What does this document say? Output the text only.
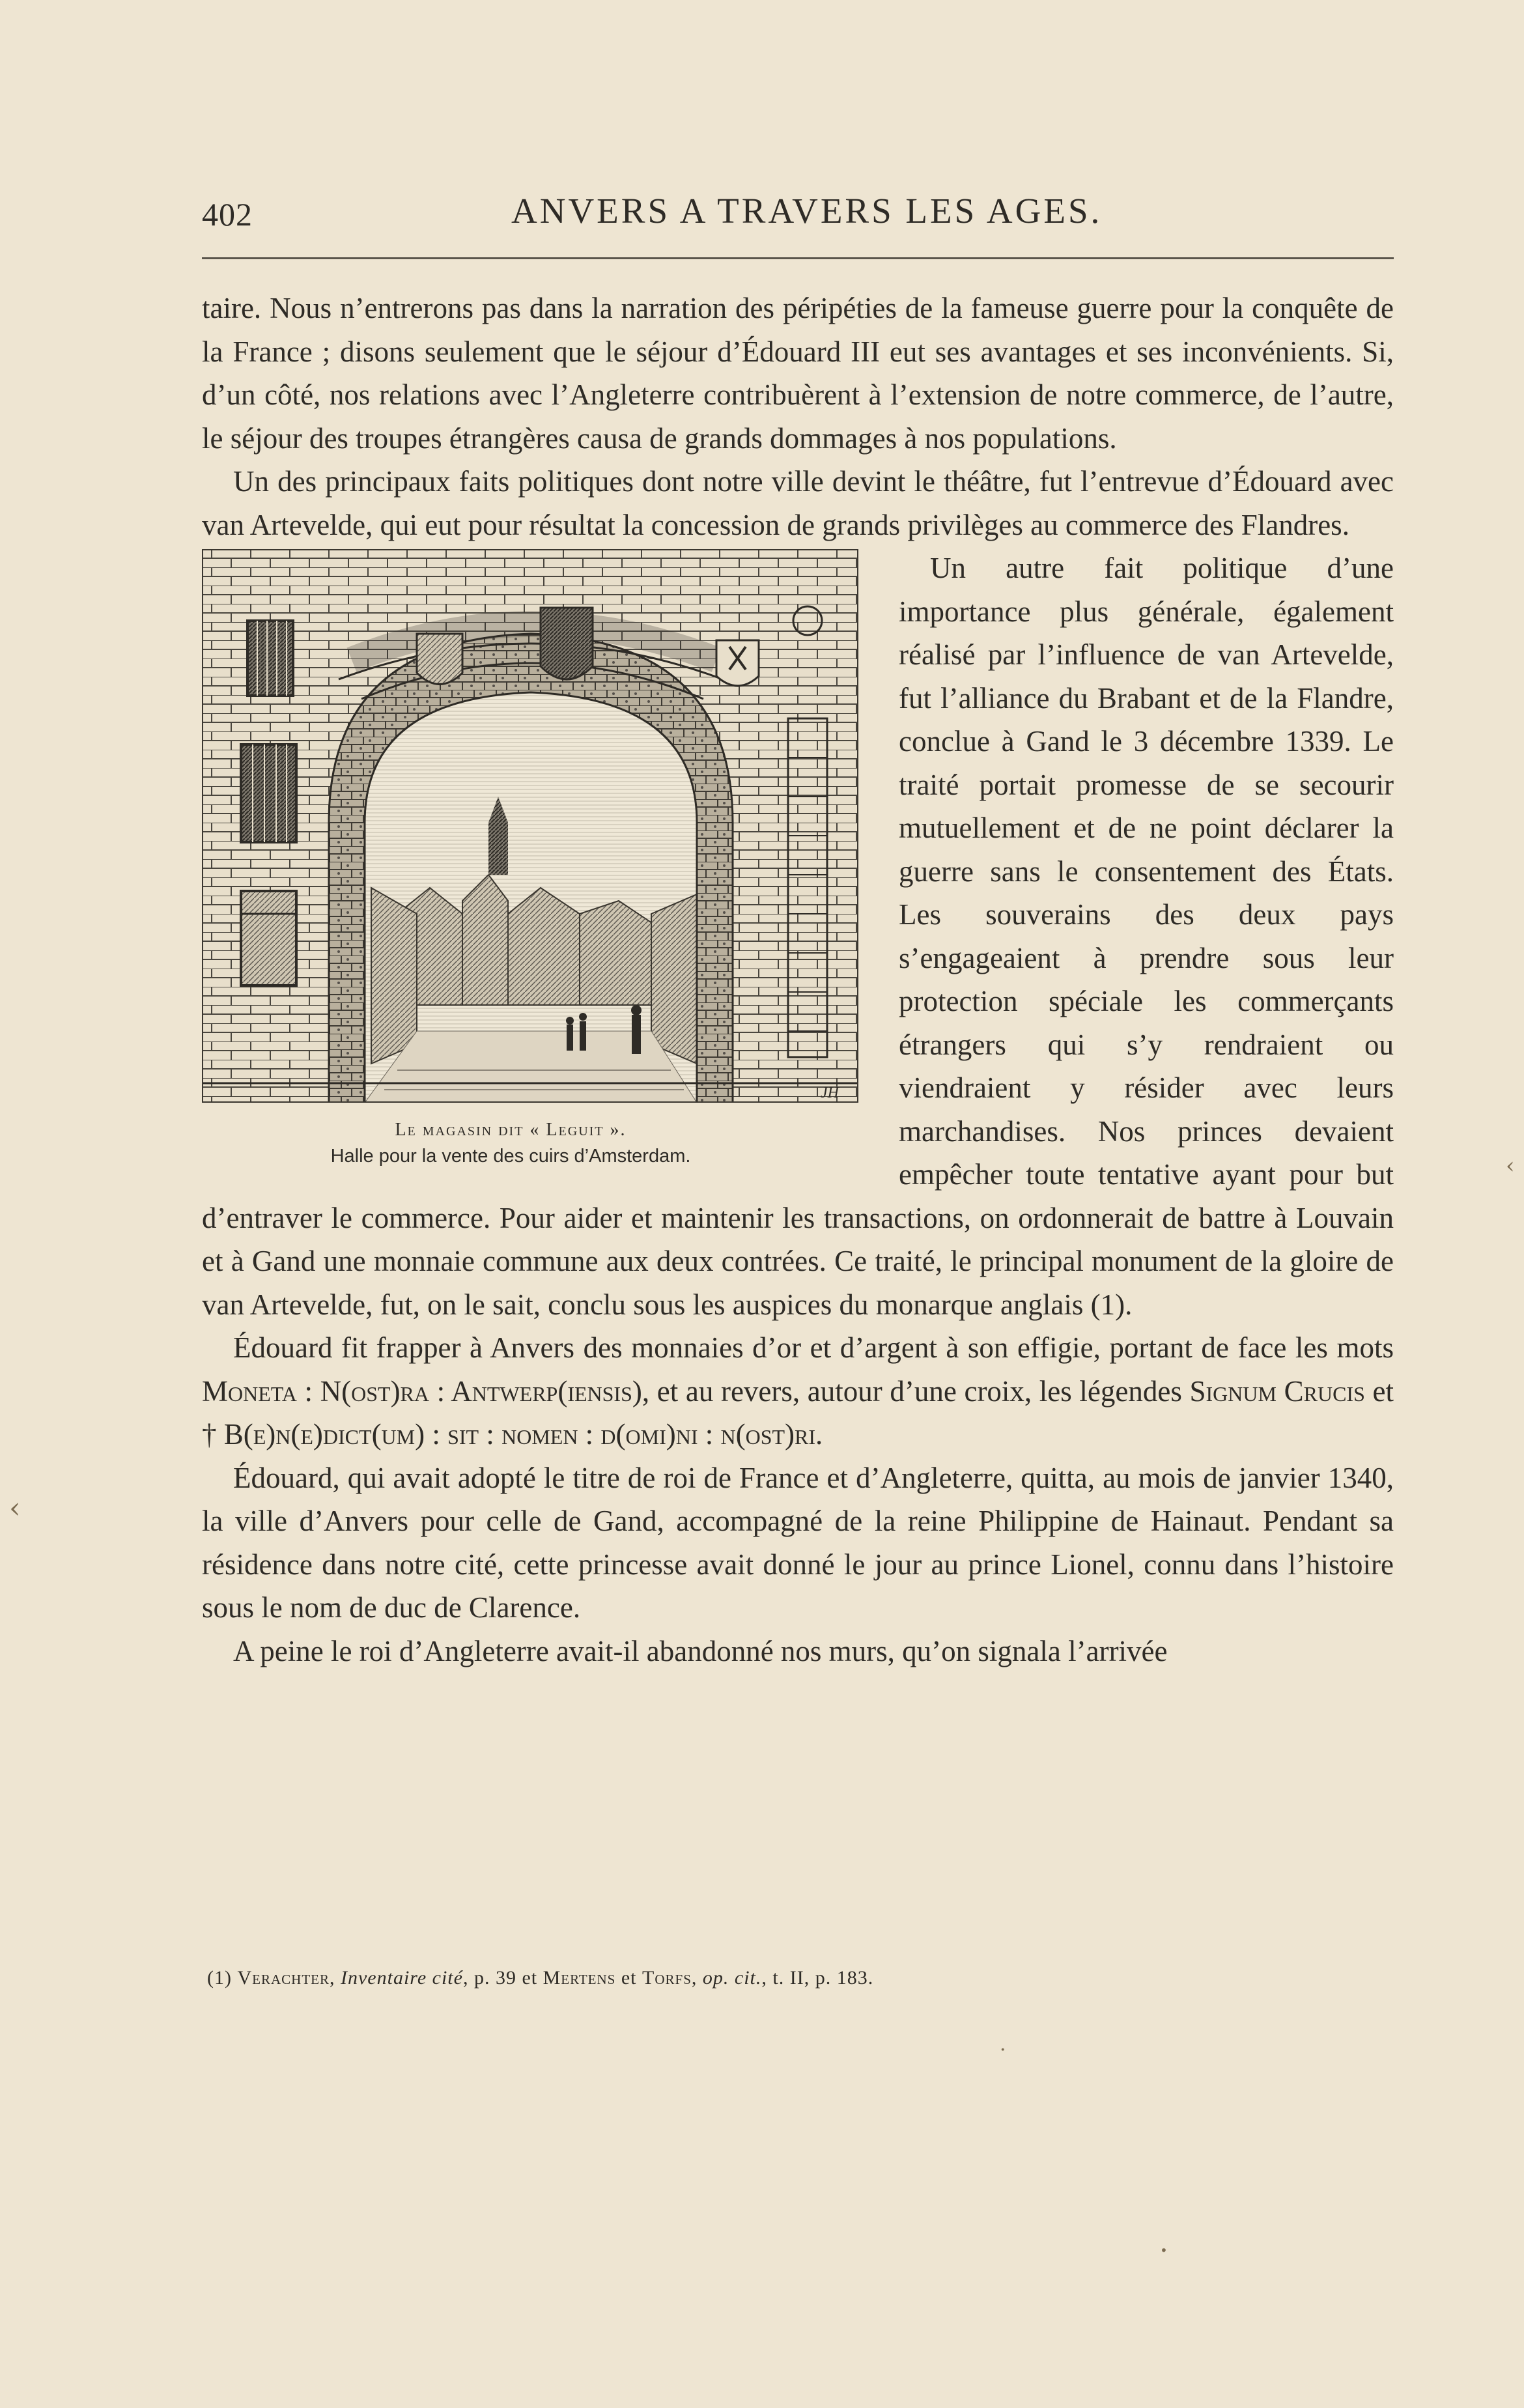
402	ANVERS A TRAVERS LES AGES.

taire. Nous n’entrerons pas dans la narration des péripéties de la fameuse guerre pour la conquête de la France ; disons seulement que le séjour d’Édouard III eut ses avantages et ses inconvénients. Si, d’un côté, nos relations avec l’Angleterre contribuèrent à l’extension de notre commerce, de l’autre, le séjour des troupes étrangères causa de grands dommages à nos populations.

Un des principaux faits politiques dont notre ville devint le théâtre, fut l’entrevue d’Édouard avec van Artevelde, qui eut pour résultat la concession de grands privilèges au commerce des Flandres.

JH
Le magasin dit « Leguit ».
Halle pour la vente des cuirs d’Amsterdam.

Un autre fait politique d’une importance plus générale, également réalisé par l’influence de van Artevelde, fut l’alliance du Brabant et de la Flandre, conclue à Gand le 3 décembre 1339. Le traité portait promesse de se secourir mutuellement et de ne point déclarer la guerre sans le consentement des États. Les souverains des deux pays s’engageaient à prendre sous leur protection spéciale les commerçants étrangers qui s’y rendraient ou viendraient y résider avec leurs marchandises. Nos princes devaient empêcher toute tentative ayant pour but d’entraver le commerce. Pour aider et maintenir les transactions, on ordonnerait de battre à Louvain et à Gand une monnaie commune aux deux contrées. Ce traité, le principal monument de la gloire de van Artevelde, fut, on le sait, conclu sous les auspices du monarque anglais (1).

Édouard fit frapper à Anvers des monnaies d’or et d’argent à son effigie, portant de face les mots Moneta : N(ost)ra : Antwerp(iensis), et au revers, autour d’une croix, les légendes Signum Crucis et † B(e)n(e)dict(um) : sit : nomen : d(omi)ni : n(ost)ri.

Édouard, qui avait adopté le titre de roi de France et d’Angleterre, quitta, au mois de janvier 1340, la ville d’Anvers pour celle de Gand, accompagné de la reine Philippine de Hainaut. Pendant sa résidence dans notre cité, cette princesse avait donné le jour au prince Lionel, connu dans l’histoire sous le nom de duc de Clarence.

A peine le roi d’Angleterre avait-il abandonné nos murs, qu’on signala l’arrivée

(1) Verachter, Inventaire cité, p. 39 et Mertens et Torfs, op. cit., t. II, p. 183.
‹
‹
·
·
